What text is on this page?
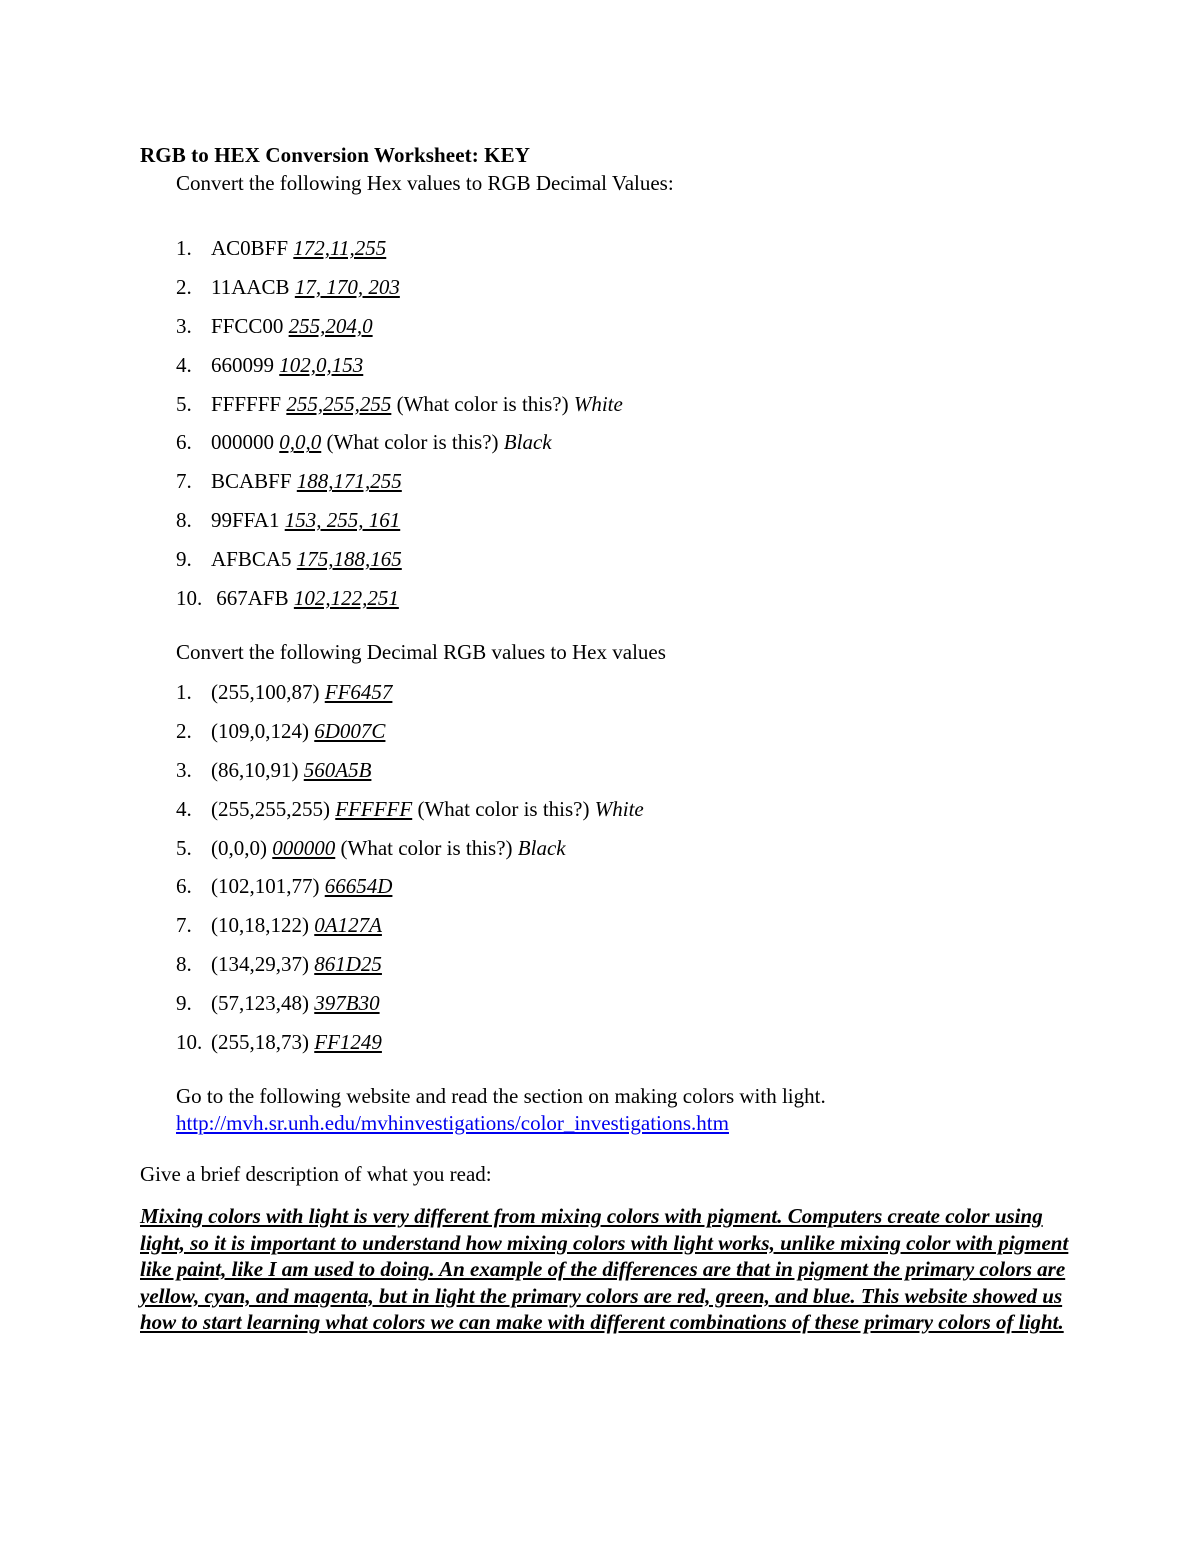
RGB to HEX Conversion Worksheet: KEY
Convert the following Hex values to RGB Decimal Values:
1. AC0BFF 172,11,255
2. 11AACB 17, 170, 203
3. FFCC00 255,204,0
4. 660099 102,0,153
5. FFFFFF 255,255,255 (What color is this?) White
6. 000000 0,0,0 (What color is this?) Black
7. BCABFF 188,171,255
8. 99FFA1 153, 255, 161
9. AFBCA5 175,188,165
10. 667AFB 102,122,251
Convert the following Decimal RGB values to Hex values
1. (255,100,87) FF6457
2. (109,0,124) 6D007C
3. (86,10,91) 560A5B
4. (255,255,255) FFFFFF (What color is this?) White
5. (0,0,0) 000000 (What color is this?) Black
6. (102,101,77) 66654D
7. (10,18,122) 0A127A
8. (134,29,37) 861D25
9. (57,123,48) 397B30
10. (255,18,73) FF1249
Go to the following website and read the section on making colors with light.
http://mvh.sr.unh.edu/mvhinvestigations/color_investigations.htm
Give a brief description of what you read:
Mixing colors with light is very different from mixing colors with pigment. Computers create color using light, so it is important to understand how mixing colors with light works, unlike mixing color with pigment like paint, like I am used to doing. An example of the differences are that in pigment the primary colors are yellow, cyan, and magenta, but in light the primary colors are red, green, and blue. This website showed us how to start learning what colors we can make with different combinations of these primary colors of light.
